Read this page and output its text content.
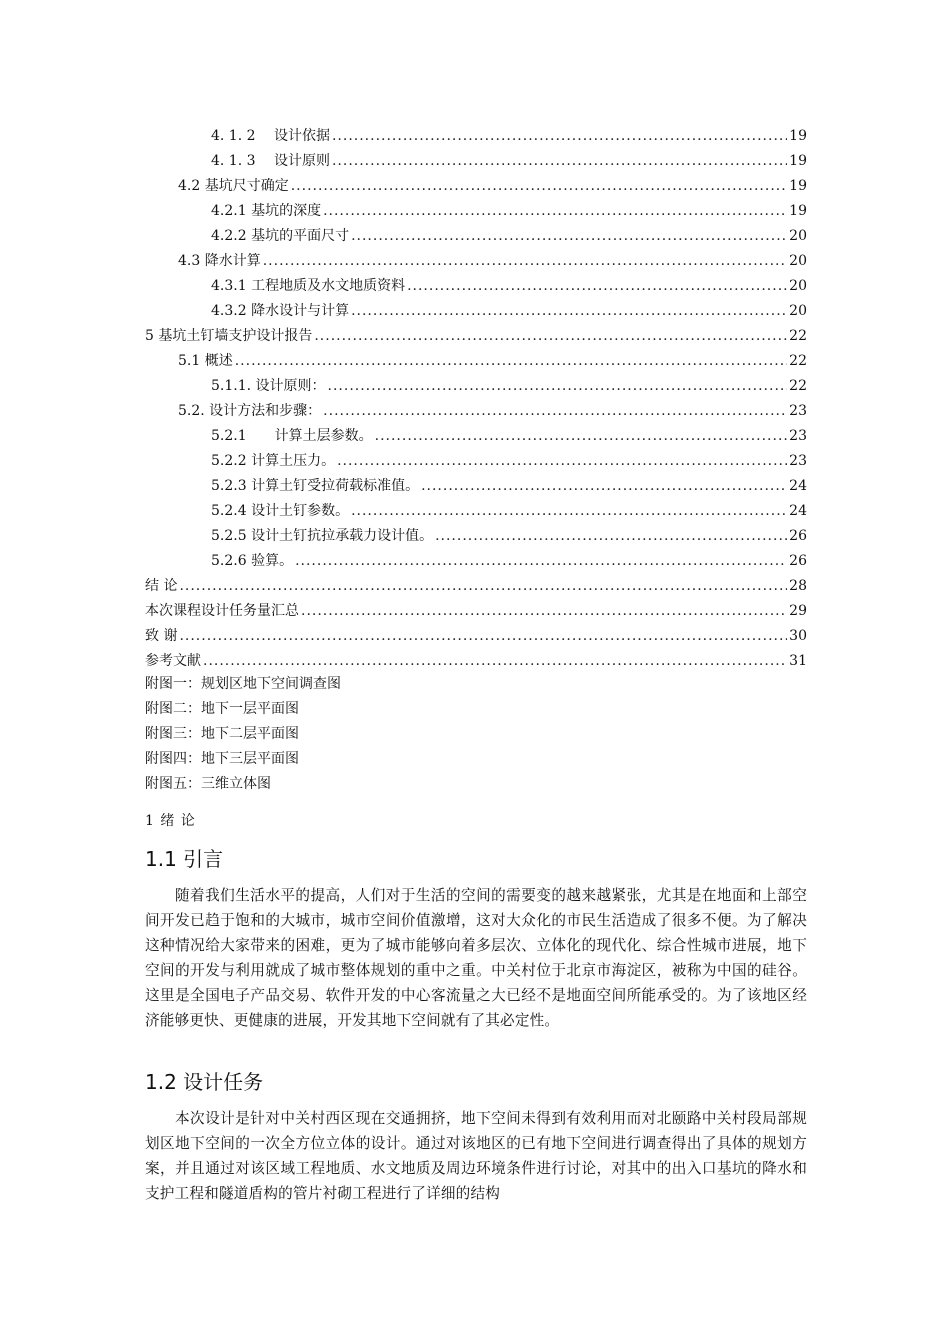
4. 1. 2　 设计依据 .....	19
4. 1. 3　 设计原则 .....	19
4.2 基坑尺寸确定 .....	19
4.2.1 基坑的深度 .....	19
4.2.2 基坑的平面尺寸 .....	20
4.3 降水计算 .....	20
4.3.1 工程地质及水文地质资料 .....	20
4.3.2 降水设计与计算 .....	20
5 基坑土钉墙支护设计报告 .....	22
5.1 概述 .....	22
5.1.1. 设计原则： .....	22
5.2. 设计方法和步骤： .....	23
5.2.1　　计算土层参数。 .....	23
5.2.2 计算土压力。 .....	23
5.2.3 计算土钉受拉荷载标准值。 .....	24
5.2.4 设计土钉参数。 .....	24
5.2.5 设计土钉抗拉承载力设计值。 .....	26
5.2.6 验算。 .....	26
结 论 .....	28
本次课程设计任务量汇总 .....	29
致 谢 .....	30
参考文献 .....	31
附图一：规划区地下空间调查图
附图二：地下一层平面图
附图三：地下二层平面图
附图四：地下三层平面图
附图五：三维立体图
1 绪 论
1.1 引言
随着我们生活水平的提高，人们对于生活的空间的需要变的越来越紧张，尤其是在地面和上部空间开发已趋于饱和的大城市，城市空间价值激增，这对大众化的市民生活造成了很多不便。为了解决这种情况给大家带来的困难，更为了城市能够向着多层次、立体化的现代化、综合性城市进展，地下空间的开发与利用就成了城市整体规划的重中之重。中关村位于北京市海淀区，被称为中国的硅谷。这里是全国电子产品交易、软件开发的中心客流量之大已经不是地面空间所能承受的。为了该地区经济能够更快、更健康的进展，开发其地下空间就有了其必定性。
1.2 设计任务
本次设计是针对中关村西区现在交通拥挤，地下空间未得到有效利用而对北颐路中关村段局部规划区地下空间的一次全方位立体的设计。通过对该地区的已有地下空间进行调查得出了具体的规划方案，并且通过对该区域工程地质、水文地质及周边环境条件进行讨论，对其中的出入口基坑的降水和支护工程和隧道盾构的管片衬砌工程进行了详细的结构
